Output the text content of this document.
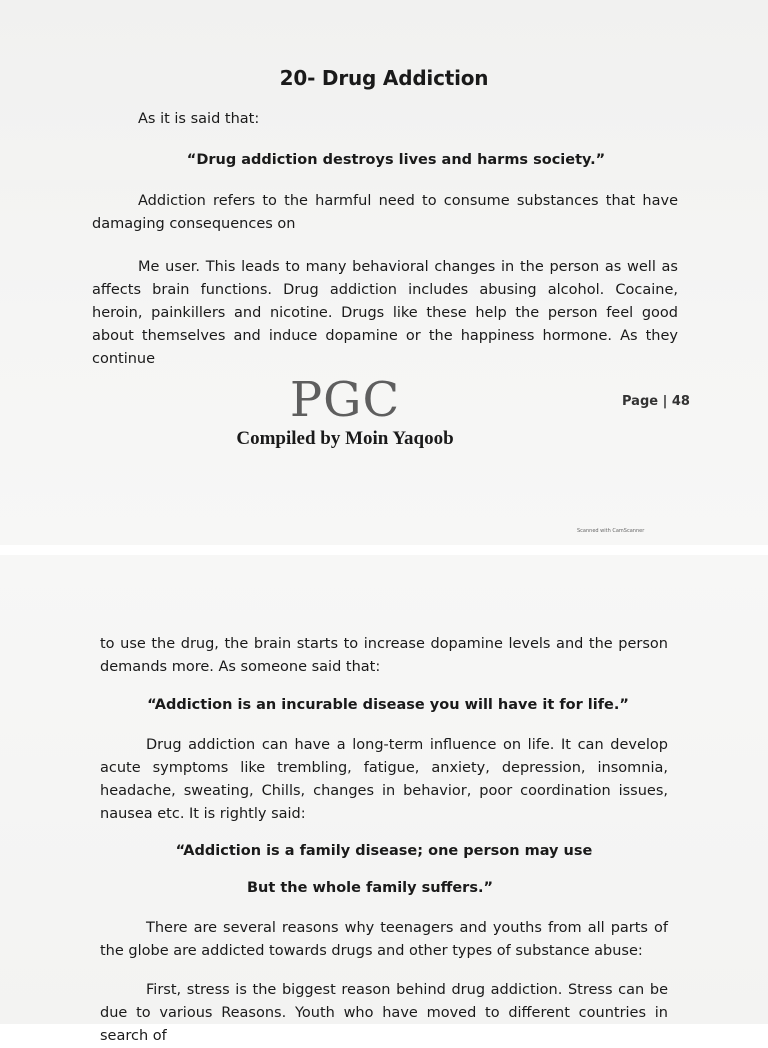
20- Drug Addiction
As it is said that:
“Drug addiction destroys lives and harms society.”
Addiction refers to the harmful need to consume substances that have damaging consequences on
Me user. This leads to many behavioral changes in the person as well as affects brain functions. Drug addiction includes abusing alcohol. Cocaine, heroin, painkillers and nicotine. Drugs like these help the person feel good about themselves and induce dopamine or the happiness hormone. As they continue
PGC
Compiled by Moin Yaqoob
Page | 48
Scanned with CamScanner
to use the drug, the brain starts to increase dopamine levels and the person demands more. As someone said that:
“Addiction is an incurable disease you will have it for life.”
Drug addiction can have a long-term influence on life. It can develop acute symptoms like trembling, fatigue, anxiety, depression, insomnia, headache, sweating, Chills, changes in behavior, poor coordination issues, nausea etc. It is rightly said:
“Addiction is a family disease; one person may use
But the whole family suffers.”
There are several reasons why teenagers and youths from all parts of the globe are addicted towards drugs and other types of substance abuse:
First, stress is the biggest reason behind drug addiction. Stress can be due to various Reasons. Youth who have moved to different countries in search of
